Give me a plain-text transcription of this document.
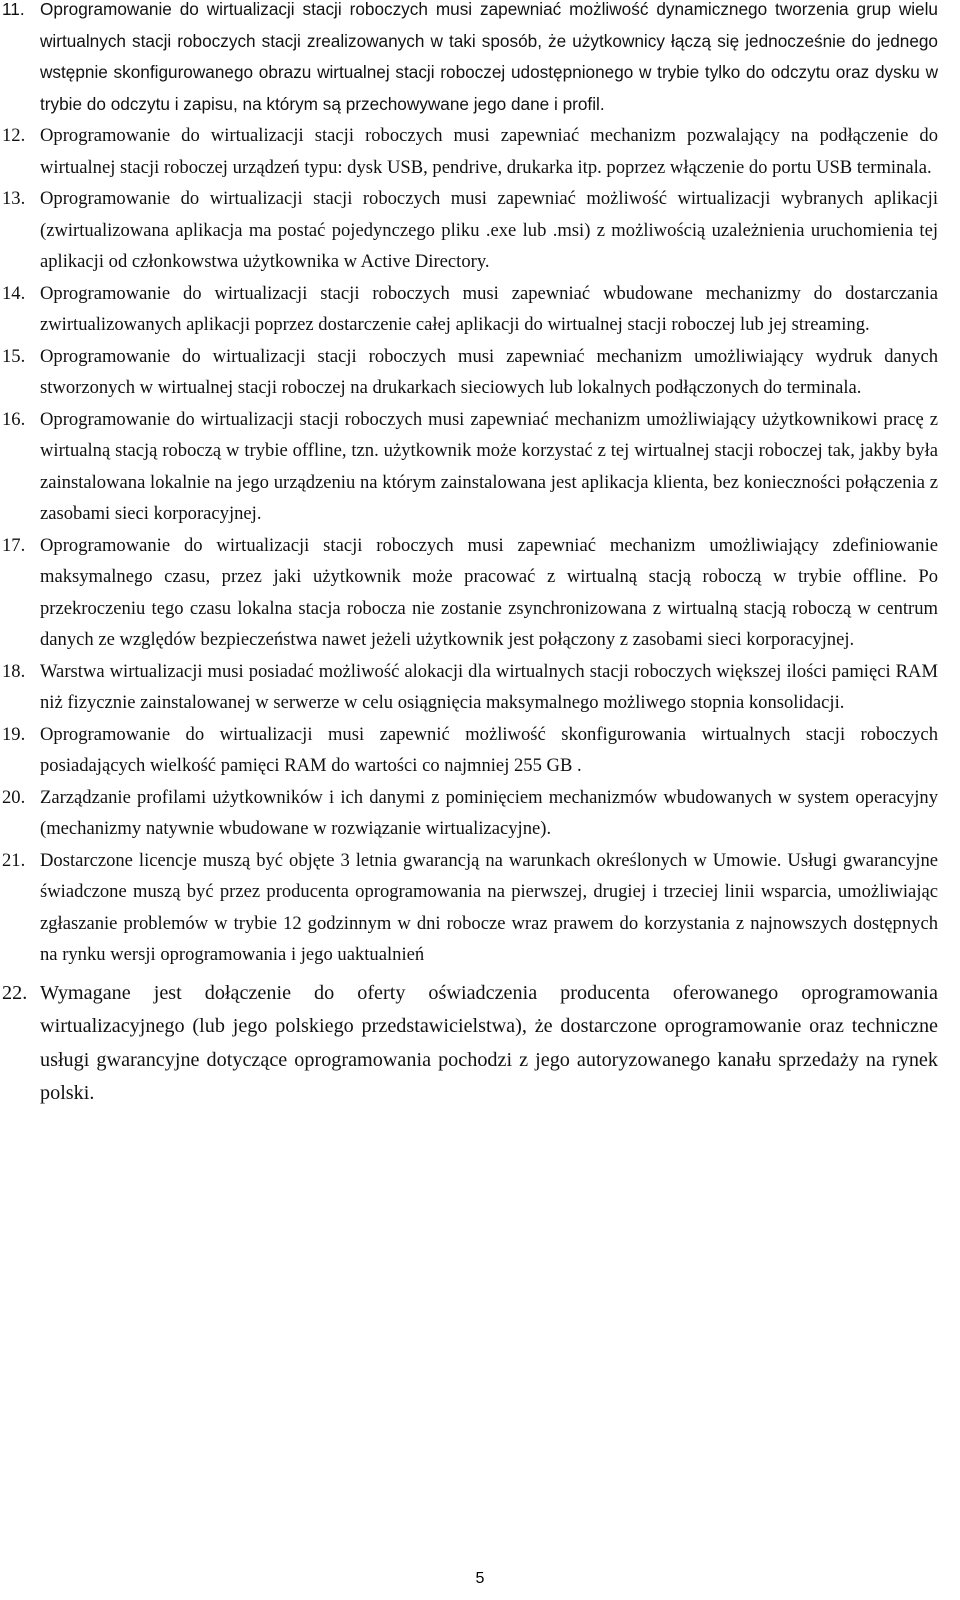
11. Oprogramowanie do wirtualizacji stacji roboczych musi zapewniać możliwość dynamicznego tworzenia grup wielu wirtualnych stacji roboczych stacji zrealizowanych w taki sposób, że użytkownicy łączą się jednocześnie do jednego wstępnie skonfigurowanego obrazu wirtualnej stacji roboczej udostępnionego w trybie tylko do odczytu oraz dysku w trybie do odczytu i zapisu, na którym są przechowywane jego dane i profil.
12. Oprogramowanie do wirtualizacji stacji roboczych musi zapewniać mechanizm pozwalający na podłączenie do wirtualnej stacji roboczej urządzeń typu: dysk USB, pendrive, drukarka itp. poprzez włączenie do portu USB terminala.
13. Oprogramowanie do wirtualizacji stacji roboczych musi zapewniać możliwość wirtualizacji wybranych aplikacji (zwirtualizowana aplikacja ma postać pojedynczego pliku .exe lub .msi) z możliwością uzależnienia uruchomienia tej aplikacji od członkowstwa użytkownika w Active Directory.
14. Oprogramowanie do wirtualizacji stacji roboczych musi zapewniać wbudowane mechanizmy do dostarczania zwirtualizowanych aplikacji poprzez dostarczenie całej aplikacji do wirtualnej stacji roboczej lub jej streaming.
15. Oprogramowanie do wirtualizacji stacji roboczych musi zapewniać mechanizm umożliwiający wydruk danych stworzonych w wirtualnej stacji roboczej na drukarkach sieciowych lub lokalnych podłączonych do terminala.
16. Oprogramowanie do wirtualizacji stacji roboczych musi zapewniać mechanizm umożliwiający użytkownikowi pracę z wirtualną stacją roboczą w trybie offline, tzn. użytkownik może korzystać z tej wirtualnej stacji roboczej tak, jakby była zainstalowana lokalnie na jego urządzeniu na którym zainstalowana jest aplikacja klienta, bez konieczności połączenia z zasobami sieci korporacyjnej.
17. Oprogramowanie do wirtualizacji stacji roboczych musi zapewniać mechanizm umożliwiający zdefiniowanie maksymalnego czasu, przez jaki użytkownik może pracować z wirtualną stacją roboczą w trybie offline. Po przekroczeniu tego czasu lokalna stacja robocza nie zostanie zsynchronizowana z wirtualną stacją roboczą w centrum danych ze względów bezpieczeństwa nawet jeżeli użytkownik jest połączony z zasobami sieci korporacyjnej.
18. Warstwa wirtualizacji musi posiadać możliwość alokacji dla wirtualnych stacji roboczych większej ilości pamięci RAM niż fizycznie zainstalowanej w serwerze w celu osiągnięcia maksymalnego możliwego stopnia konsolidacji.
19. Oprogramowanie do wirtualizacji musi zapewnić możliwość skonfigurowania wirtualnych stacji roboczych posiadających wielkość pamięci RAM do wartości co najmniej 255 GB .
20. Zarządzanie profilami użytkowników i ich danymi z pominięciem mechanizmów wbudowanych w system operacyjny (mechanizmy natywnie wbudowane w rozwiązanie wirtualizacyjne).
21. Dostarczone licencje muszą być objęte 3 letnia gwarancją na warunkach określonych w Umowie. Usługi gwarancyjne świadczone muszą być przez producenta oprogramowania na pierwszej, drugiej i trzeciej linii wsparcia, umożliwiając zgłaszanie problemów w trybie 12 godzinnym w dni robocze wraz prawem do korzystania z najnowszych dostępnych na rynku wersji oprogramowania i jego uaktualnień
22. Wymagane jest dołączenie do oferty oświadczenia producenta oferowanego oprogramowania wirtualizacyjnego (lub jego polskiego przedstawicielstwa), że dostarczone oprogramowanie oraz techniczne usługi gwarancyjne dotyczące oprogramowania pochodzi z jego autoryzowanego kanału sprzedaży na rynek polski.
5
